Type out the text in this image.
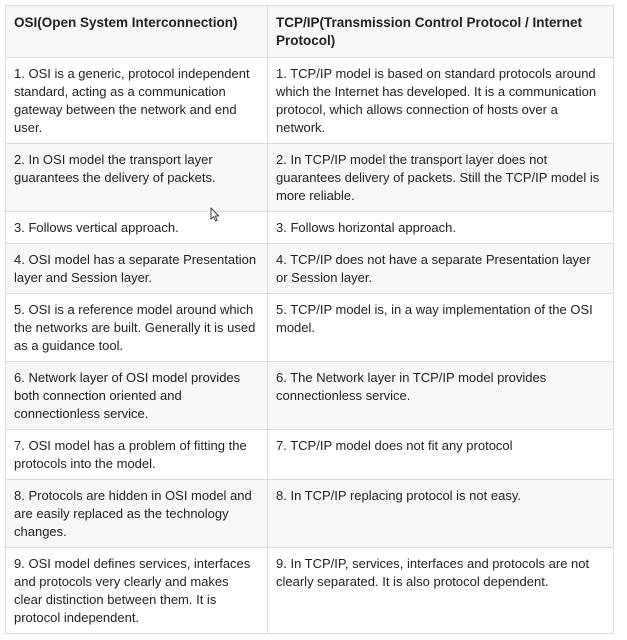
OSI(Open System Interconnection)	TCP/IP(Transmission Control Protocol / Internet Protocol)
1. OSI is a generic, protocol independent standard, acting as a communication gateway between the network and end user.	1. TCP/IP model is based on standard protocols around which the Internet has developed. It is a communication protocol, which allows connection of hosts over a network.
2. In OSI model the transport layer guarantees the delivery of packets.	2. In TCP/IP model the transport layer does not guarantees delivery of packets. Still the TCP/IP model is more reliable.
3. Follows vertical approach.	3. Follows horizontal approach.
4. OSI model has a separate Presentation layer and Session layer.	4. TCP/IP does not have a separate Presentation layer or Session layer.
5. OSI is a reference model around which the networks are built. Generally it is used as a guidance tool.	5. TCP/IP model is, in a way implementation of the OSI model.
6. Network layer of OSI model provides both connection oriented and connectionless service.	6. The Network layer in TCP/IP model provides connectionless service.
7. OSI model has a problem of fitting the protocols into the model.	7. TCP/IP model does not fit any protocol
8. Protocols are hidden in OSI model and are easily replaced as the technology changes.	8. In TCP/IP replacing protocol is not easy.
9. OSI model defines services, interfaces and protocols very clearly and makes clear distinction between them. It is protocol independent.	9. In TCP/IP, services, interfaces and protocols are not clearly separated. It is also protocol dependent.
